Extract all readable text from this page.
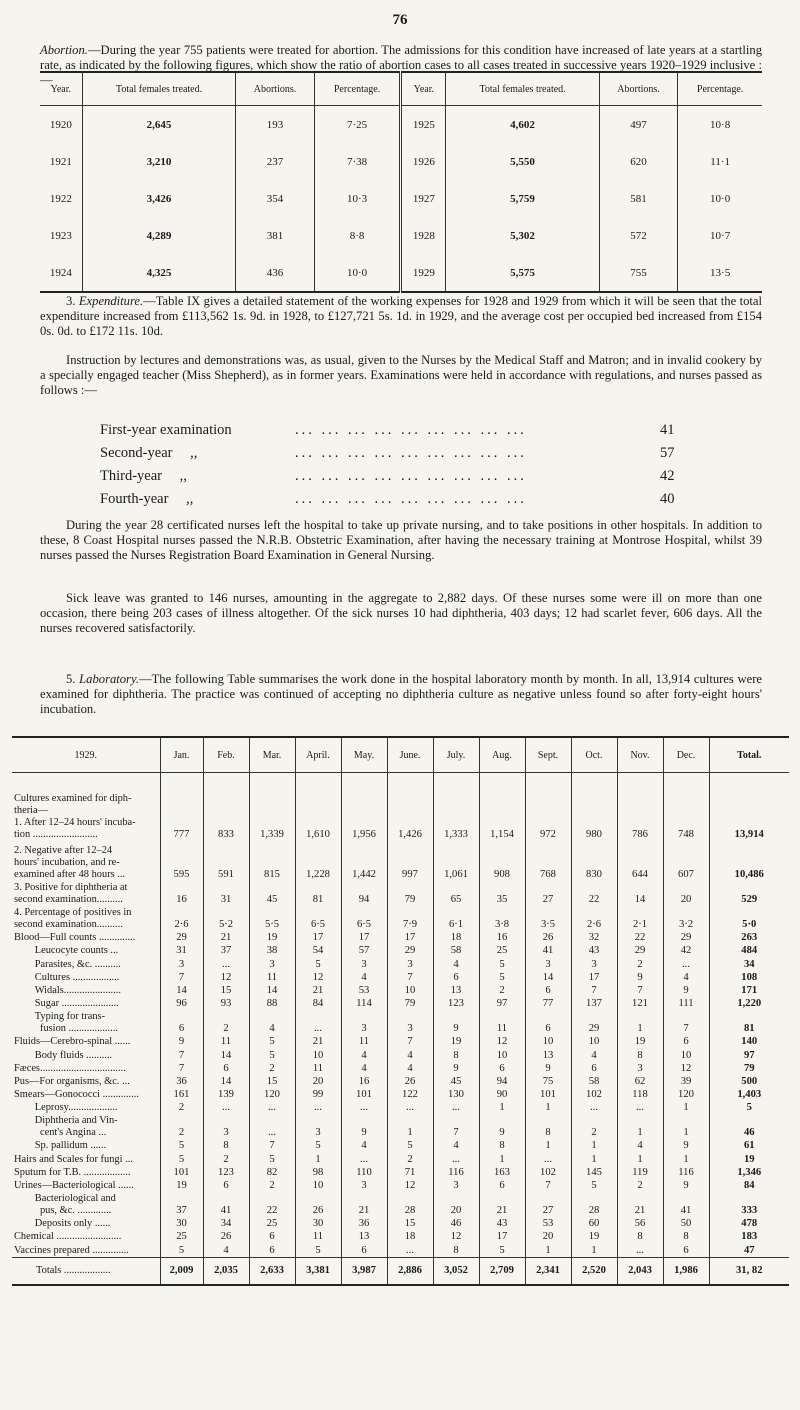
76

Abortion.—During the year 755 patients were treated for abortion. The admissions for this condition have increased of late years at a startling rate, as indicated by the following figures, which show the ratio of abortion cases to all cases treated in successive years 1920–1929 inclusive :—

Year.	Total females treated.	Abortions.	Percentage.	Year.	Total females treated.	Abortions.	Percentage.
1920	2,645	193	7·25	1925	4,602	497	10·8
1921	3,210	237	7·38	1926	5,550	620	11·1
1922	3,426	354	10·3	1927	5,759	581	10·0
1923	4,289	381	8·8	1928	5,302	572	10·7
1924	4,325	436	10·0	1929	5,575	755	13·5

3. Expenditure.—Table IX gives a detailed statement of the working expenses for 1928 and 1929 from which it will be seen that the total expenditure increased from £113,562 1s. 9d. in 1928, to £127,721 5s. 1d. in 1929, and the average cost per occupied bed increased from £154 0s. 0d. to £172 11s. 10d.

Instruction by lectures and demonstrations was, as usual, given to the Nurses by the Medical Staff and Matron; and in invalid cookery by a specially engaged teacher (Miss Shepherd), as in former years. Examinations were held in accordance with regulations, and nurses passed as follows :—

First-year examination	... ... ... ... ... ... ... ... ...	41
Second-year ,,	... ... ... ... ... ... ... ... ...	57
Third-year ,,	... ... ... ... ... ... ... ... ...	42
Fourth-year ,,	... ... ... ... ... ... ... ... ...	40

During the year 28 certificated nurses left the hospital to take up private nursing, and to take positions in other hospitals. In addition to these, 8 Coast Hospital nurses passed the N.R.B. Obstetric Examination, after having the necessary training at Montrose Hospital, whilst 39 nurses passed the Nurses Registration Board Examination in General Nursing.

Sick leave was granted to 146 nurses, amounting in the aggregate to 2,882 days. Of these nurses some were ill on more than one occasion, there being 203 cases of illness altogether. Of the sick nurses 10 had diphtheria, 403 days; 12 had scarlet fever, 606 days. All the nurses recovered satisfactorily.

5. Laboratory.—The following Table summarises the work done in the hospital laboratory month by month. In all, 13,914 cultures were examined for diphtheria. The practice was continued of accepting no diphtheria culture as negative unless found so after forty-eight hours' incubation.

1929.	Jan.	Feb.	Mar.	April.	May.	June.	July.	Aug.	Sept.	Oct.	Nov.	Dec.	Total.

Cultures examined for diph-
theria—
1. After 12–24 hours' incuba-
tion .........................	777	833	1,339	1,610	1,956	1,426	1,333	1,154	972	980	786	748	13,914
2. Negative after 12–24
hours' incubation, and re-
examined after 48 hours ...	595	591	815	1,228	1,442	997	1,061	908	768	830	644	607	10,486
3. Positive for diphtheria at
second examination..........	16	31	45	81	94	79	65	35	27	22	14	20	529
4. Percentage of positives in
second examination..........	2·6	5·2	5·5	6·5	6·5	7·9	6·1	3·8	3·5	2·6	2·1	3·2	5·0
Blood—Full counts ..............	29	21	19	17	17	17	18	16	26	32	22	29	263
Leucocyte counts ...	31	37	38	54	57	29	58	25	41	43	29	42	484
Parasites, &c. ..........	3	...	3	5	3	3	4	5	3	3	2	...	34
Cultures ..................	7	12	11	12	4	7	6	5	14	17	9	4	108
Widals......................	14	15	14	21	53	10	13	2	6	7	7	9	171
Sugar ......................	96	93	88	84	114	79	123	97	77	137	121	111	1,220
Typing for trans-
fusion ...................	6	2	4	...	3	3	9	11	6	29	1	7	81
Fluids—Cerebro-spinal ......	9	11	5	21	11	7	19	12	10	10	19	6	140
Body fluids ..........	7	14	5	10	4	4	8	10	13	4	8	10	97
Fæces.................................	7	6	2	11	4	4	9	6	9	6	3	12	79
Pus—For organisms, &c. ...	36	14	15	20	16	26	45	94	75	58	62	39	500
Smears—Gonococci ..............	161	139	120	99	101	122	130	90	101	102	118	120	1,403
Leprosy...................	2	...	...	...	...	...	...	1	1	...	...	1	5
Diphtheria and Vin-
cent's Angina ...	2	3	...	3	9	1	7	9	8	2	1	1	46
Sp. pallidum ......	5	8	7	5	4	5	4	8	1	1	4	9	61
Hairs and Scales for fungi ...	5	2	5	1	...	2	...	1	...	1	1	1	19
Sputum for T.B. ..................	101	123	82	98	110	71	116	163	102	145	119	116	1,346
Urines—Bacteriological ......	19	6	2	10	3	12	3	6	7	5	2	9	84
Bacteriological and
pus, &c. .............	37	41	22	26	21	28	20	21	27	28	21	41	333
Deposits only ......	30	34	25	30	36	15	46	43	53	60	56	50	478
Chemical .........................	25	26	6	11	13	18	12	17	20	19	8	8	183
Vaccines prepared ..............	5	4	6	5	6	...	8	5	1	1	...	6	47
Totals ..................	2,009	2,035	2,633	3,381	3,987	2,886	3,052	2,709	2,341	2,520	2,043	1,986	31, 82
